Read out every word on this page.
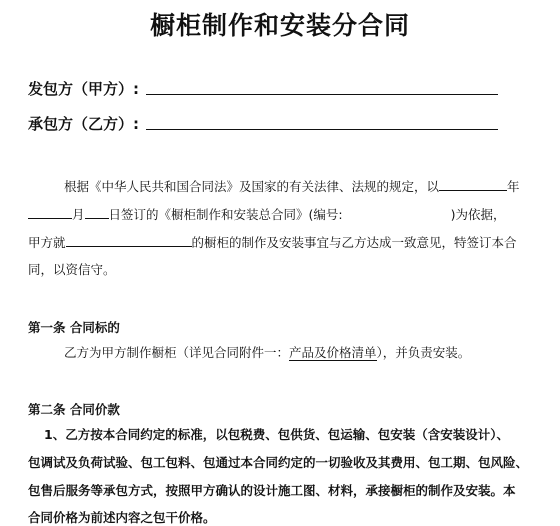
橱柜制作和安装分合同
发包方（甲方）:
承包方（乙方）:
根据《中华人民共和国合同法》及国家的有关法律、法规的规定，以	年
月 日签订的《橱柜制作和安装总合同》(编号:	)为依据，
甲方就	的橱柜的制作及安装事宜与乙方达成一致意见，特签订本合
同，以资信守。
第一条 合同标的
乙方为甲方制作橱柜（详见合同附件一：产品及价格清单），并负责安装。
第二条 合同价款
1、乙方按本合同约定的标准，以包税费、包供货、包运输、包安装（含安装设计）、
包调试及负荷试验、包工包料、包通过本合同约定的一切验收及其费用、包工期、包风险、
包售后服务等承包方式，按照甲方确认的设计施工图、材料，承接橱柜的制作及安装。本
合同价格为前述内容之包干价格。
